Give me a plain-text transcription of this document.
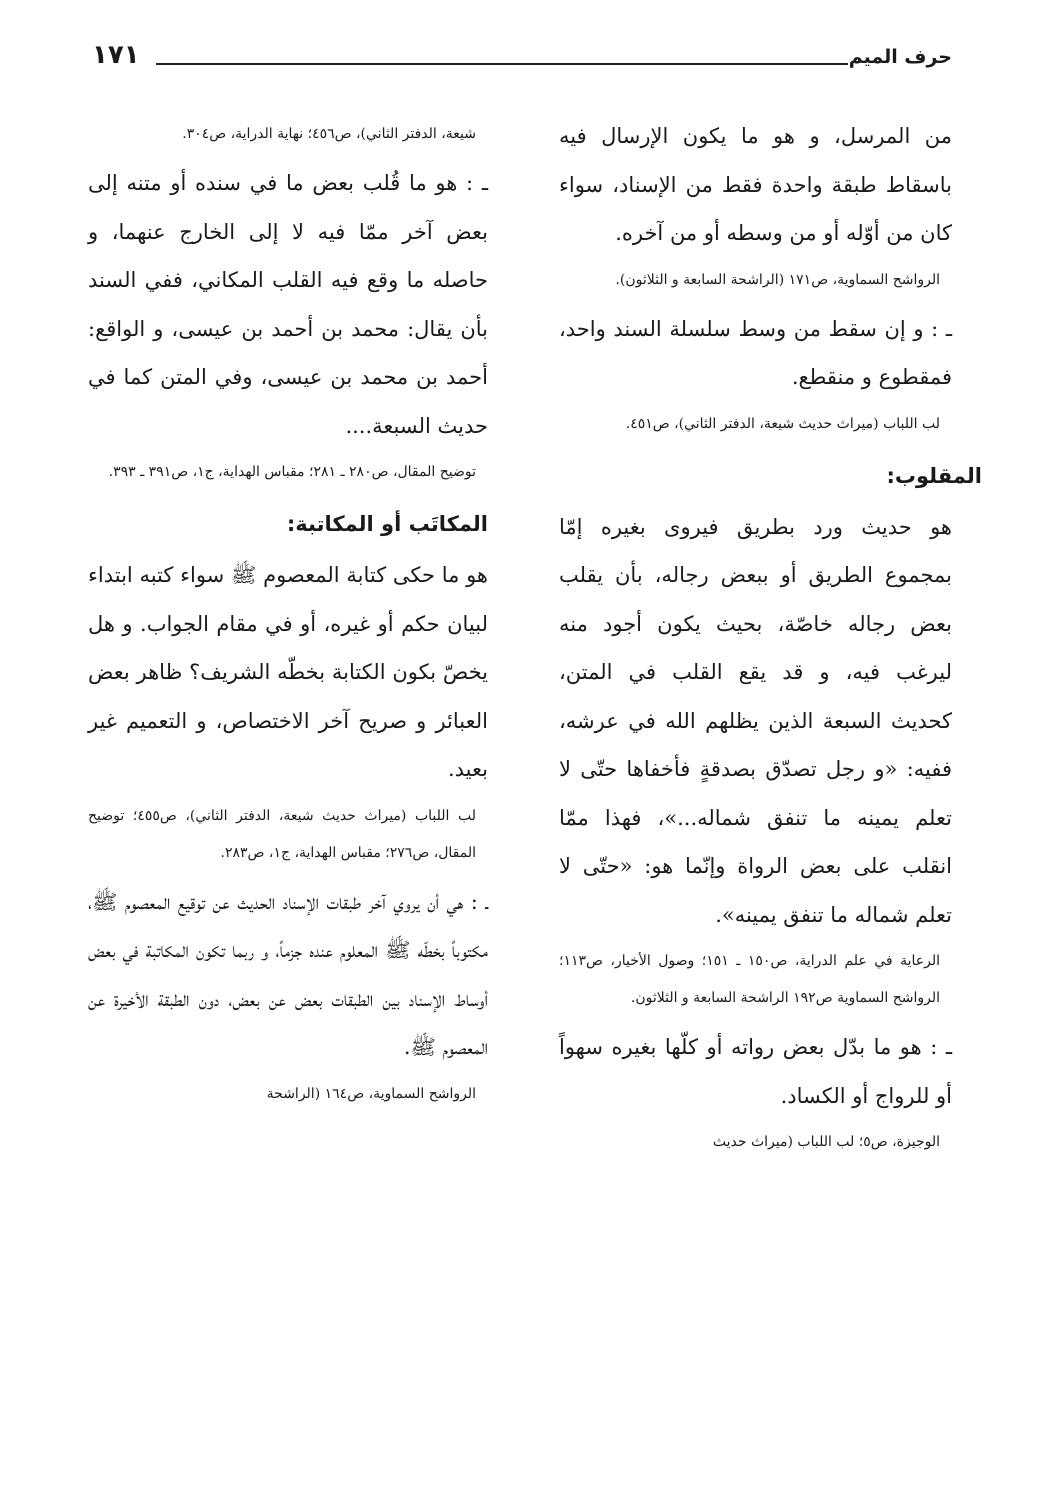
حرف الميم
١٧١

من المرسل، و هو ما يكون الإرسال فيه باسقاط طبقة واحدة فقط من الإسناد، سواء كان من أوّله أو من وسطه أو من آخره.

الرواشح السماوية، ص١٧١ (الراشحة السابعة و الثلاثون).

ـ : و إن سقط من وسط سلسلة السند واحد، فمقطوع و منقطع.

لب اللباب (ميراث حديث شيعة، الدفتر الثاني)، ص٤٥١.

المقلوب:

هو حديث ورد بطريق فيروى بغيره إمّا بمجموع الطريق أو ببعض رجاله، بأن يقلب بعض رجاله خاصّة، بحيث يكون أجود منه ليرغب فيه، و قد يقع القلب في المتن، كحديث السبعة الذين يظلهم الله في عرشه، ففيه: «و رجل تصدّق بصدقةٍ فأخفاها حتّى لا تعلم يمينه ما تنفق شماله...»، فهذا ممّا انقلب على بعض الرواة وإنّما هو: «حتّى لا تعلم شماله ما تنفق يمينه».

الرعاية في علم الدراية، ص١٥٠ ـ ١٥١؛ وصول الأخيار، ص١١٣؛ الرواشح السماوية ص١٩٢ الراشحة السابعة و الثلاثون.

ـ : هو ما بدّل بعض رواته أو كلّها بغيره سهواً أو للرواج أو الكساد.

الوجيزة، ص٥؛ لب اللباب (ميراث حديث

شيعة، الدفتر الثاني)، ص٤٥٦؛ نهاية الدراية، ص٣٠٤.

ـ : هو ما قُلب بعض ما في سنده أو متنه إلى بعض آخر ممّا فيه لا إلى الخارج عنهما، و حاصله ما وقع فيه القلب المكاني، ففي السند بأن يقال: محمد بن أحمد بن عيسى، و الواقع: أحمد بن محمد بن عيسى، وفي المتن كما في حديث السبعة....

توضيح المقال، ص٢٨٠ ـ ٢٨١؛ مقباس الهداية، ج١، ص٣٩١ ـ ٣٩٣.

المكاتَب أو المكاتبة:

هو ما حكى كتابة المعصوم ﷺ سواء كتبه ابتداء لبيان حكم أو غيره، أو في مقام الجواب. و هل يخصّ بكون الكتابة بخطّه الشريف؟ ظاهر بعض العبائر و صريح آخر الاختصاص، و التعميم غير بعيد.

لب اللباب (ميراث حديث شيعة، الدفتر الثاني)، ص٤٥٥؛ توضيح المقال، ص٢٧٦؛ مقباس الهداية، ج١، ص٢٨٣.

ـ : هي أن يروي آخر طبقات الإسناد الحديث عن توقيع المعصوم ﷺ، مكتوباً بخطّه ﷺ المعلوم عنده جزماً، و ربما تكون المكاتبة في بعض أوساط الإسناد بين الطبقات بعض عن بعض، دون الطبقة الأخيرة عن المعصوم ﷺ.

الرواشح السماوية، ص١٦٤ (الراشحة
